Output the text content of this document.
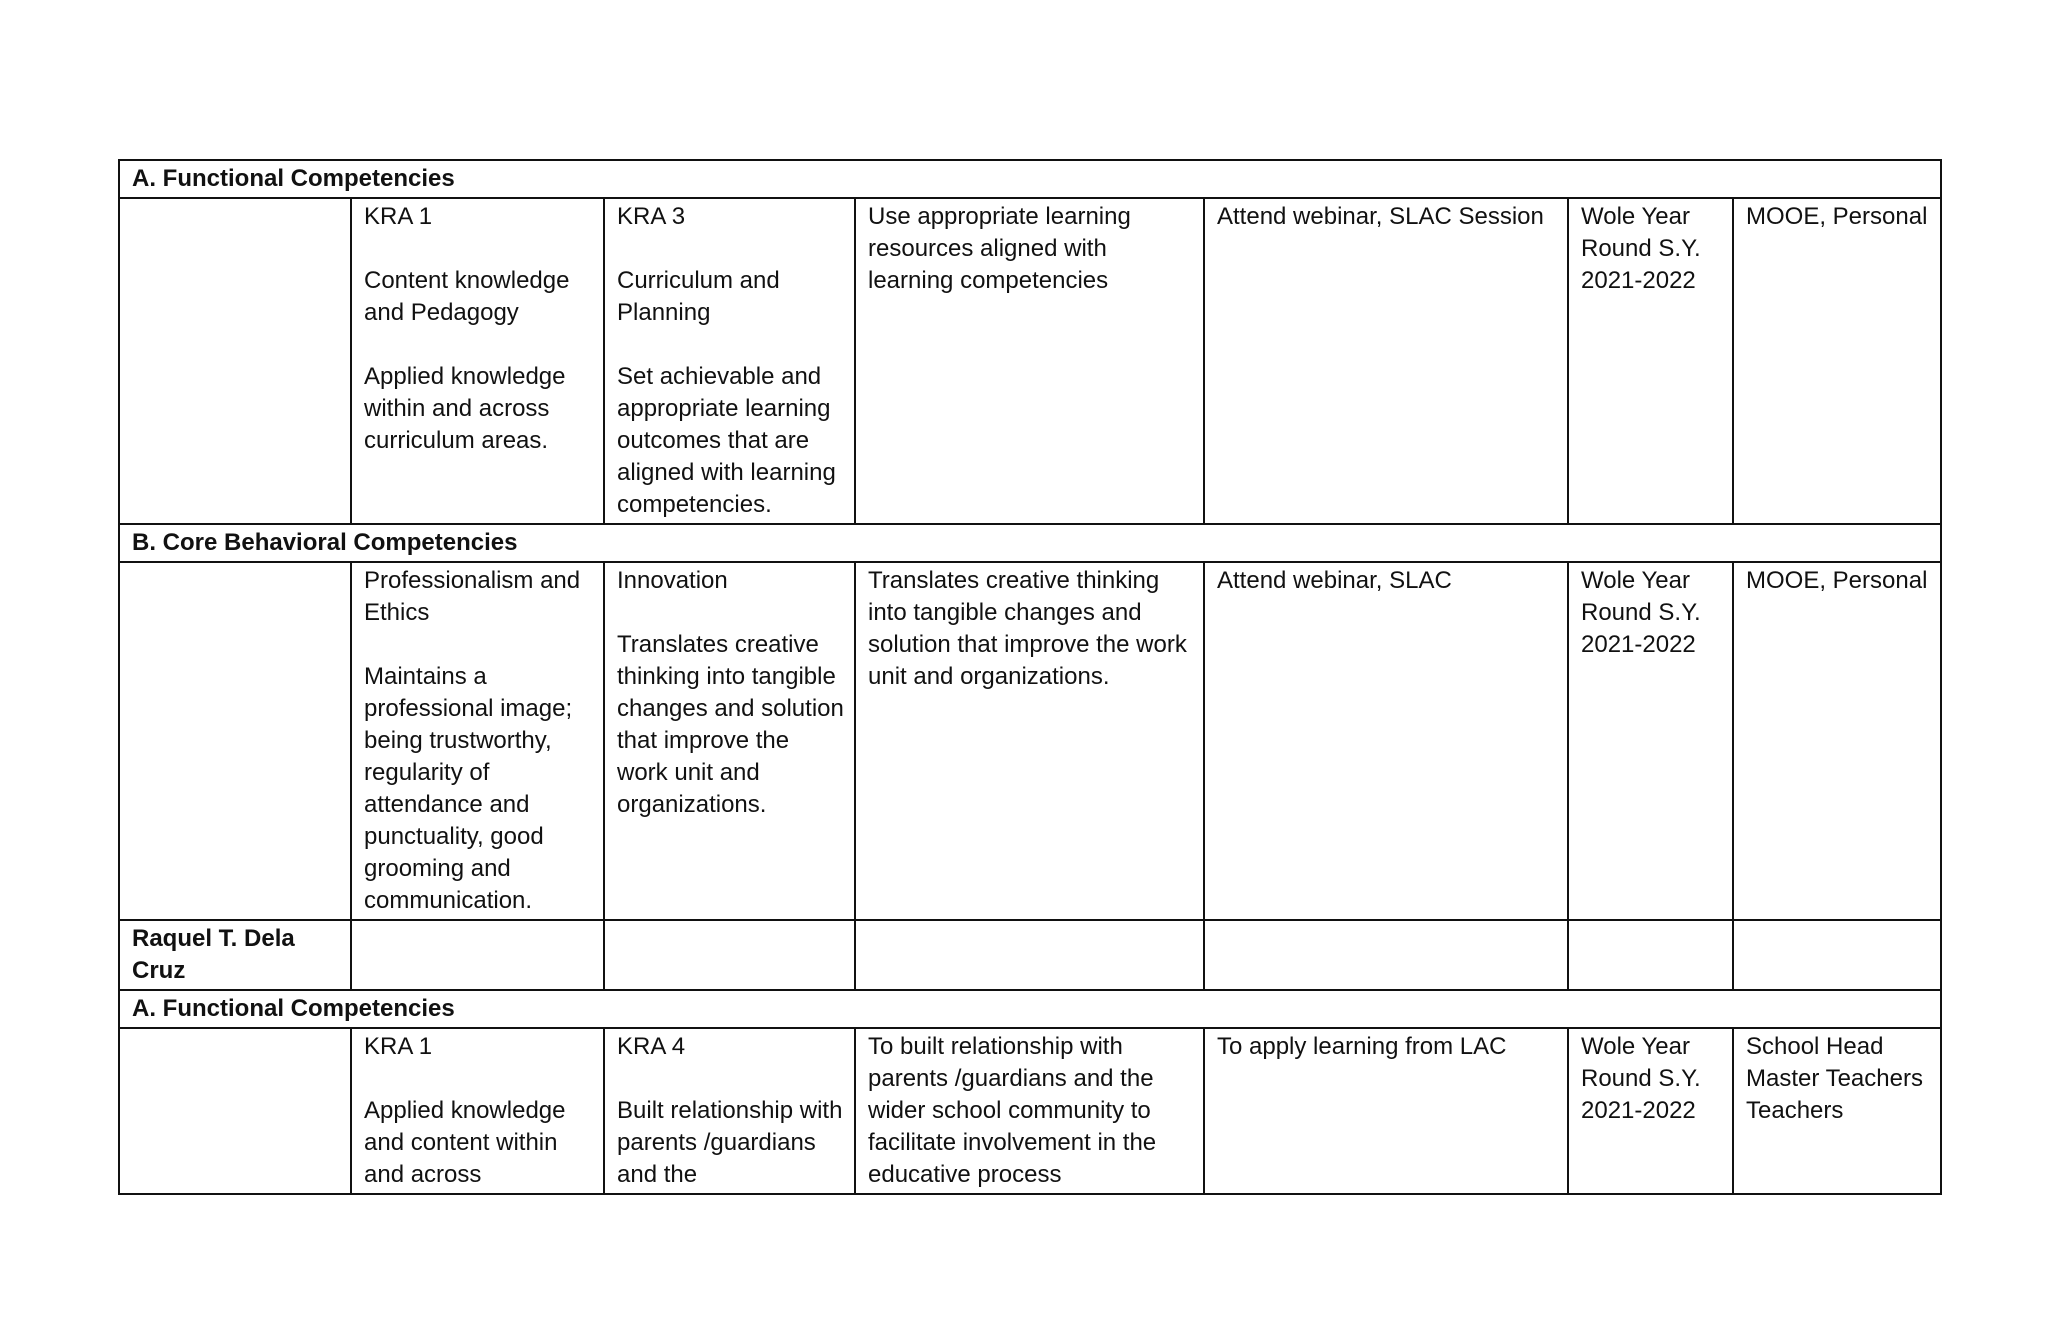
A. Functional Competencies						

	KRA 1
Content knowledge and Pedagogy
Applied knowledge within and across curriculum areas.	KRA 3
Curriculum and Planning
Set achievable and appropriate learning outcomes that are aligned with learning competencies.	Use appropriate learning resources aligned with learning competencies	Attend webinar, SLAC Session	Wole Year Round S.Y. 2021-2022	MOOE, Personal
B. Core Behavioral Competencies						

	Professionalism and Ethics
Maintains a professional image; being trustworthy, regularity of attendance and punctuality, good grooming and communication.	Innovation
Translates creative thinking into tangible changes and solution that improve the work unit and organizations.	Translates creative thinking into tangible changes and solution that improve the work unit and organizations.	Attend webinar, SLAC	Wole Year Round S.Y. 2021-2022	MOOE, Personal
Raquel T. Dela Cruz						
A. Functional Competencies						

	KRA 1
Applied knowledge and content within and across	KRA 4
Built relationship with parents /guardians and the	To built relationship with parents /guardians and the wider school community to facilitate involvement in the educative process	To apply learning from LAC	Wole Year Round S.Y. 2021-2022	School Head
Master Teachers
Teachers
